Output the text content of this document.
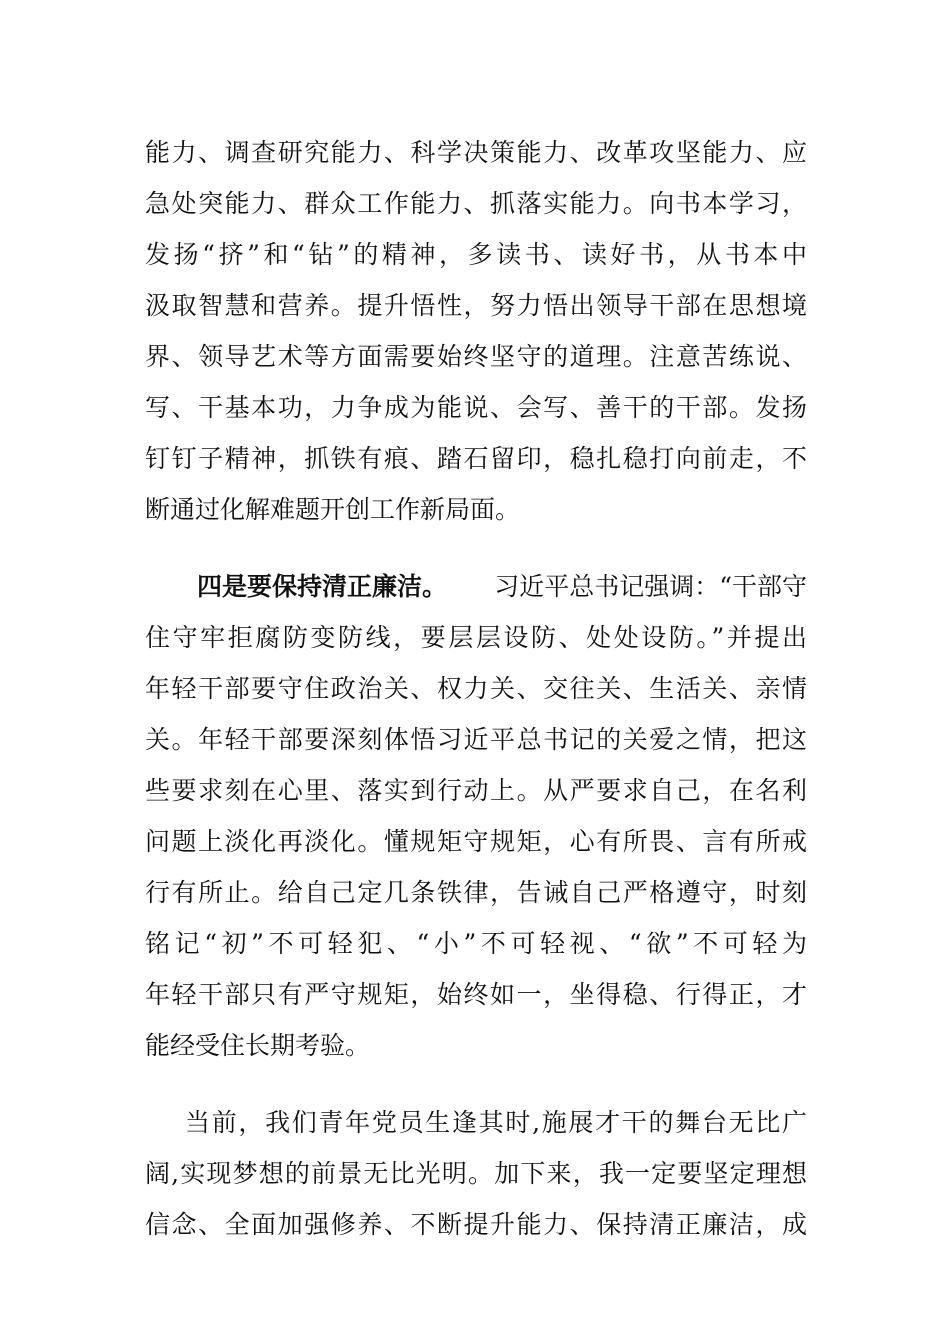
能力、调查研究能力、科学决策能力、改革攻坚能力、应
急处突能力、群众工作能力、抓落实能力。向书本学习，
发扬“挤”和“钻”的精神，多读书、读好书，从书本中
汲取智慧和营养。提升悟性，努力悟出领导干部在思想境
界、领导艺术等方面需要始终坚守的道理。注意苦练说、
写、干基本功，力争成为能说、会写、善干的干部。发扬
钉钉子精神，抓铁有痕、踏石留印，稳扎稳打向前走，不
断通过化解难题开创工作新局面。
四是要保持清正廉洁。 习近平总书记强调：“干部守
住守牢拒腐防变防线，要层层设防、处处设防。”并提出
年轻干部要守住政治关、权力关、交往关、生活关、亲情
关。年轻干部要深刻体悟习近平总书记的关爱之情，把这
些要求刻在心里、落实到行动上。从严要求自己，在名利
问题上淡化再淡化。懂规矩守规矩，心有所畏、言有所戒
行有所止。给自己定几条铁律，告诫自己严格遵守，时刻
铭记“初”不可轻犯、“小”不可轻视、“欲”不可轻为
年轻干部只有严守规矩，始终如一，坐得稳、行得正，才
能经受住长期考验。
当前，我们青年党员生逢其时,施展才干的舞台无比广
阔,实现梦想的前景无比光明。加下来，我一定要坚定理想
信念、全面加强修养、不断提升能力、保持清正廉洁，成
